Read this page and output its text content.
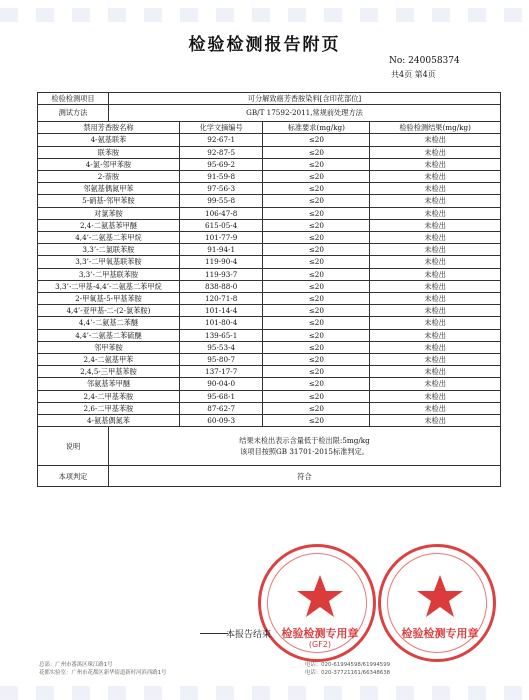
检验检测报告附页
No: 240058374
共4页 第4页
检验检测项目	可分解致癌芳香胺染料[含印花部位]			
测试方法	GB/T 17592-2011,常规前处理方法			
禁用芳香胺名称		化学文摘编号	标准要求(mg/kg)	检验检测结果(mg/kg)
4-氨基联苯		92-67-1	≤20	未检出
联苯胺		92-87-5	≤20	未检出
4-氯-邻甲苯胺		95-69-2	≤20	未检出
2-萘胺		91-59-8	≤20	未检出
邻氨基偶氮甲苯		97-56-3	≤20	未检出
5-硝基-邻甲苯胺		99-55-8	≤20	未检出
对氯苯胺		106-47-8	≤20	未检出
2,4-二氨基苯甲醚		615-05-4	≤20	未检出
4,4’-二氨基二苯甲烷		101-77-9	≤20	未检出
3,3’-二氯联苯胺		91-94-1	≤20	未检出
3,3’-二甲氧基联苯胺		119-90-4	≤20	未检出
3,3’-二甲基联苯胺		119-93-7	≤20	未检出
3,3’-二甲基-4,4’-二氨基二苯甲烷		838-88-0	≤20	未检出
2-甲氧基-5-甲基苯胺		120-71-8	≤20	未检出
4,4’-亚甲基-二-(2-氯苯胺)		101-14-4	≤20	未检出
4,4’-二氨基二苯醚		101-80-4	≤20	未检出
4,4’-二氨基二苯硫醚		139-65-1	≤20	未检出
邻甲苯胺		95-53-4	≤20	未检出
2,4-二氨基甲苯		95-80-7	≤20	未检出
2,4,5-三甲基苯胺		137-17-7	≤20	未检出
邻氨基苯甲醚		90-04-0	≤20	未检出
2,4-二甲基苯胺		95-68-1	≤20	未检出
2,6-二甲基苯胺		87-62-7	≤20	未检出
4-氨基偶氮苯		60-09-3	≤20	未检出
说明	结果未检出表示含量低于检出限:5mg/kg
该项目按照GB 31701-2015标准判定。			

本项判定	符合			
检验检测专用章
(GF2)
检验检测专用章
本报告结束
总部：广州市番禺区珠江路1号
花都实验室：广州市花都区新华街道新村河滨西路1号
电话：020-61994598/61994599
电话：020-37721161/66348638
